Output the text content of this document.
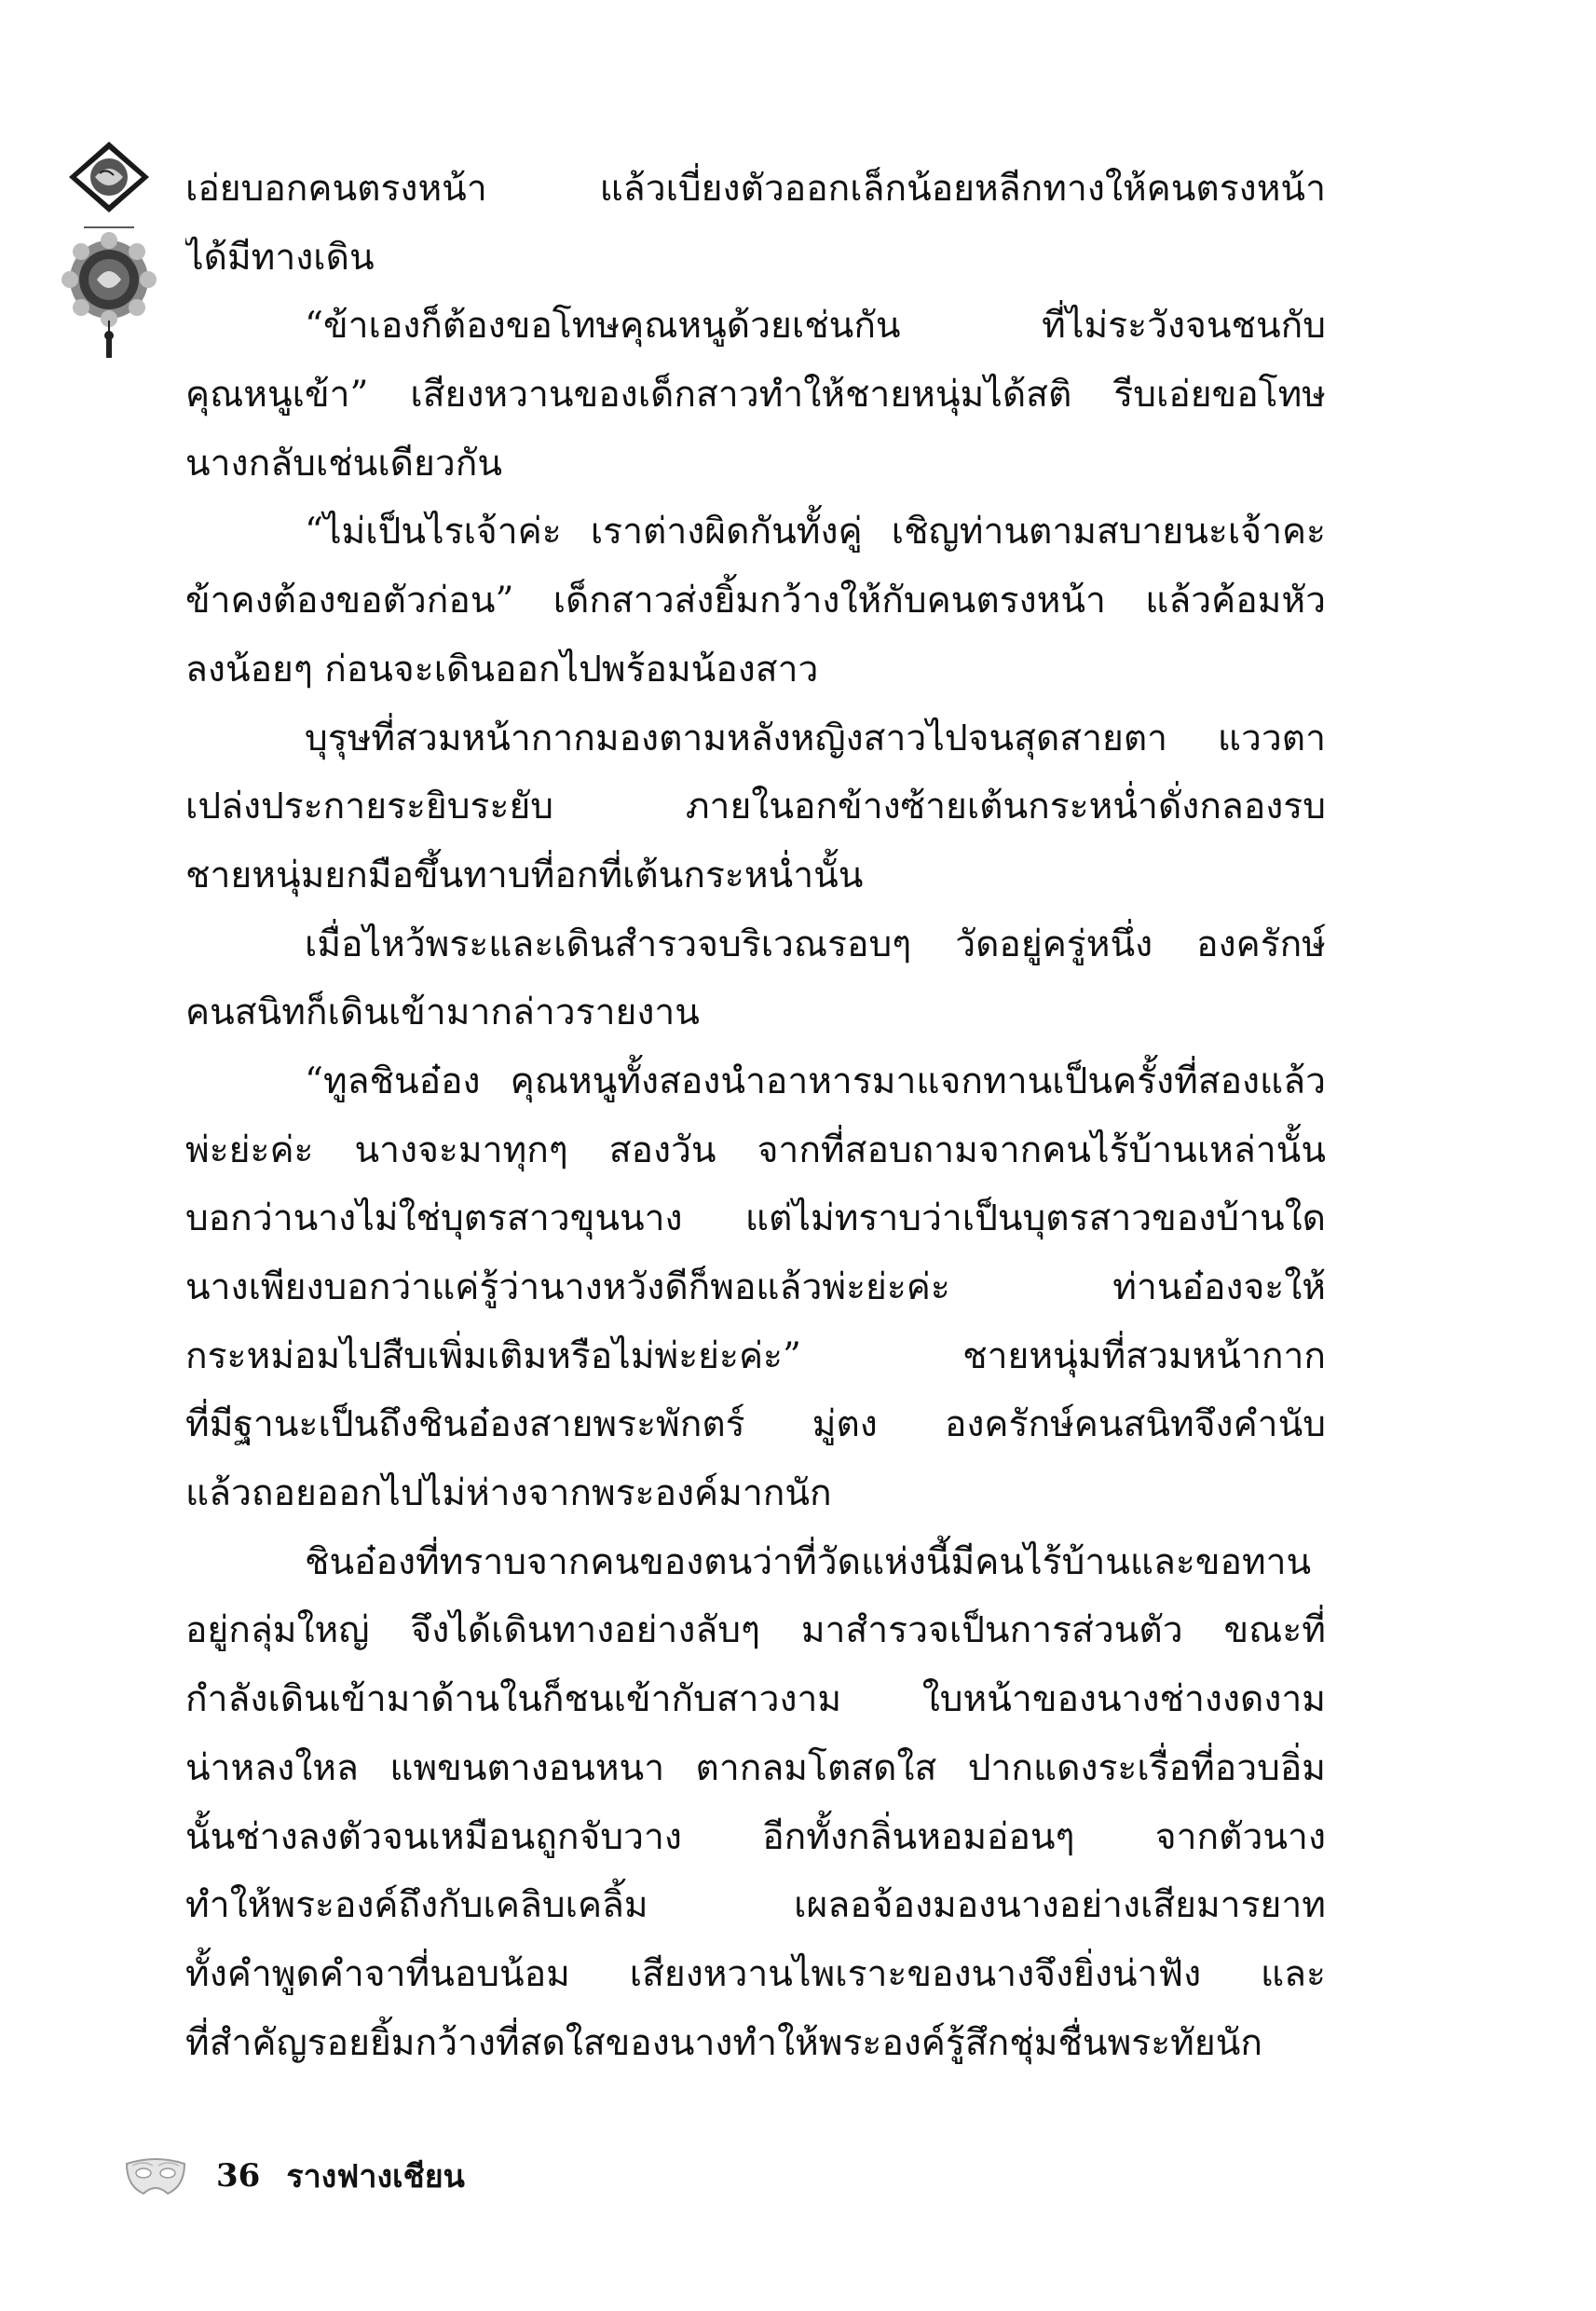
เอ่ยบอกคนตรงหน้า แล้วเบี่ยงตัวออกเล็กน้อยหลีกทางให้คนตรงหน้า
ได้มีทางเดิน
“ข้าเองก็ต้องขอโทษคุณหนูด้วยเช่นกัน ที่ไม่ระวังจนชนกับ
คุณหนูเข้า” เสียงหวานของเด็กสาวทำให้ชายหนุ่มได้สติ รีบเอ่ยขอโทษ
นางกลับเช่นเดียวกัน
“ไม่เป็นไรเจ้าค่ะ เราต่างผิดกันทั้งคู่ เชิญท่านตามสบายนะเจ้าคะ
ข้าคงต้องขอตัวก่อน” เด็กสาวส่งยิ้มกว้างให้กับคนตรงหน้า แล้วค้อมหัว
ลงน้อยๆ ก่อนจะเดินออกไปพร้อมน้องสาว
บุรุษที่สวมหน้ากากมองตามหลังหญิงสาวไปจนสุดสายตา แววตา
เปล่งประกายระยิบระยับ ภายในอกข้างซ้ายเต้นกระหน่ำดั่งกลองรบ
ชายหนุ่มยกมือขึ้นทาบที่อกที่เต้นกระหน่ำนั้น
เมื่อไหว้พระและเดินสำรวจบริเวณรอบๆ วัดอยู่ครู่หนึ่ง องครักษ์
คนสนิทก็เดินเข้ามากล่าวรายงาน
“ทูลชินอ๋อง คุณหนูทั้งสองนำอาหารมาแจกทานเป็นครั้งที่สองแล้ว
พ่ะย่ะค่ะ นางจะมาทุกๆ สองวัน จากที่สอบถามจากคนไร้บ้านเหล่านั้น
บอกว่านางไม่ใช่บุตรสาวขุนนาง แต่ไม่ทราบว่าเป็นบุตรสาวของบ้านใด
นางเพียงบอกว่าแค่รู้ว่านางหวังดีก็พอแล้วพ่ะย่ะค่ะ ท่านอ๋องจะให้
กระหม่อมไปสืบเพิ่มเติมหรือไม่พ่ะย่ะค่ะ” ชายหนุ่มที่สวมหน้ากาก
ที่มีฐานะเป็นถึงชินอ๋องสายพระพักตร์ มู่ตง องครักษ์คนสนิทจึงคำนับ
แล้วถอยออกไปไม่ห่างจากพระองค์มากนัก
ชินอ๋องที่ทราบจากคนของตนว่าที่วัดแห่งนี้มีคนไร้บ้านและขอทาน
อยู่กลุ่มใหญ่ จึงได้เดินทางอย่างลับๆ มาสำรวจเป็นการส่วนตัว ขณะที่
กำลังเดินเข้ามาด้านในก็ชนเข้ากับสาวงาม ใบหน้าของนางช่างงดงาม
น่าหลงใหล แพขนตางอนหนา ตากลมโตสดใส ปากแดงระเรื่อที่อวบอิ่ม
นั้นช่างลงตัวจนเหมือนถูกจับวาง อีกทั้งกลิ่นหอมอ่อนๆ จากตัวนาง
ทำให้พระองค์ถึงกับเคลิบเคลิ้ม เผลอจ้องมองนางอย่างเสียมารยาท
ทั้งคำพูดคำจาที่นอบน้อม เสียงหวานไพเราะของนางจึงยิ่งน่าฟัง และ
ที่สำคัญรอยยิ้มกว้างที่สดใสของนางทำให้พระองค์รู้สึกชุ่มชื่นพระทัยนัก
36 รางฟางเชียน
